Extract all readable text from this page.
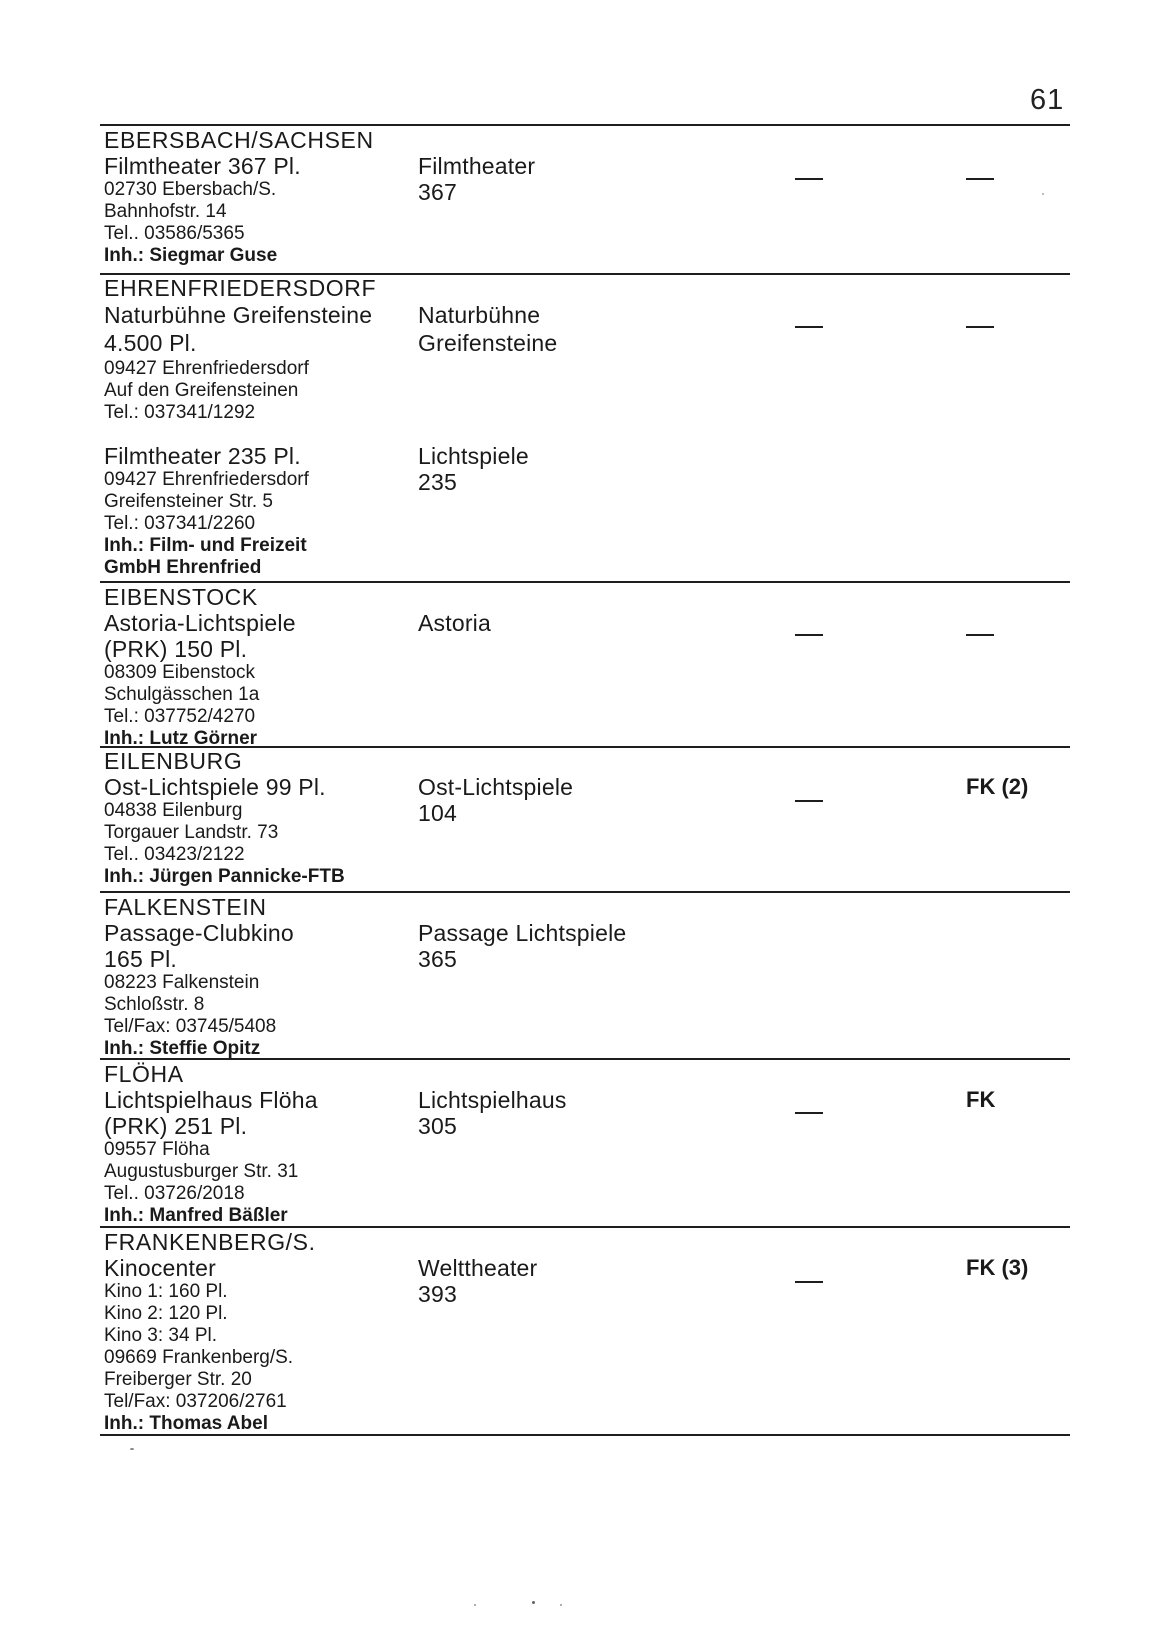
61
EBERSBACH/SACHSEN
Filmtheater 367 Pl.
02730 Ebersbach/S.
Bahnhofstr. 14
Tel.. 03586/5365
Inh.: Siegmar Guse
Filmtheater
367
EHRENFRIEDERSDORF
Naturbühne Greifensteine
4.500 Pl.
09427 Ehrenfriedersdorf
Auf den Greifensteinen
Tel.: 037341/1292
Naturbühne
Greifensteine
Filmtheater 235 Pl.
09427 Ehrenfriedersdorf
Greifensteiner Str. 5
Tel.: 037341/2260
Inh.: Film- und Freizeit
GmbH Ehrenfried
Lichtspiele
235
EIBENSTOCK
Astoria-Lichtspiele
(PRK) 150 Pl.
08309 Eibenstock
Schulgässchen 1a
Tel.: 037752/4270
Inh.: Lutz Görner
Astoria
EILENBURG
Ost-Lichtspiele 99 Pl.
04838 Eilenburg
Torgauer Landstr. 73
Tel.. 03423/2122
Inh.: Jürgen Pannicke-FTB
Ost-Lichtspiele
104
FK (2)
FALKENSTEIN
Passage-Clubkino
165 Pl.
08223 Falkenstein
Schloßstr. 8
Tel/Fax: 03745/5408
Inh.: Steffie Opitz
Passage Lichtspiele
365
FLÖHA
Lichtspielhaus Flöha
(PRK) 251 Pl.
09557 Flöha
Augustusburger Str. 31
Tel.. 03726/2018
Inh.: Manfred Bäßler
Lichtspielhaus
305
FK
FRANKENBERG/S.
Kinocenter
Kino 1: 160 Pl.
Kino 2: 120 Pl.
Kino 3: 34 Pl.
09669 Frankenberg/S.
Freiberger Str. 20
Tel/Fax: 037206/2761
Inh.: Thomas Abel
Welttheater
393
FK (3)
